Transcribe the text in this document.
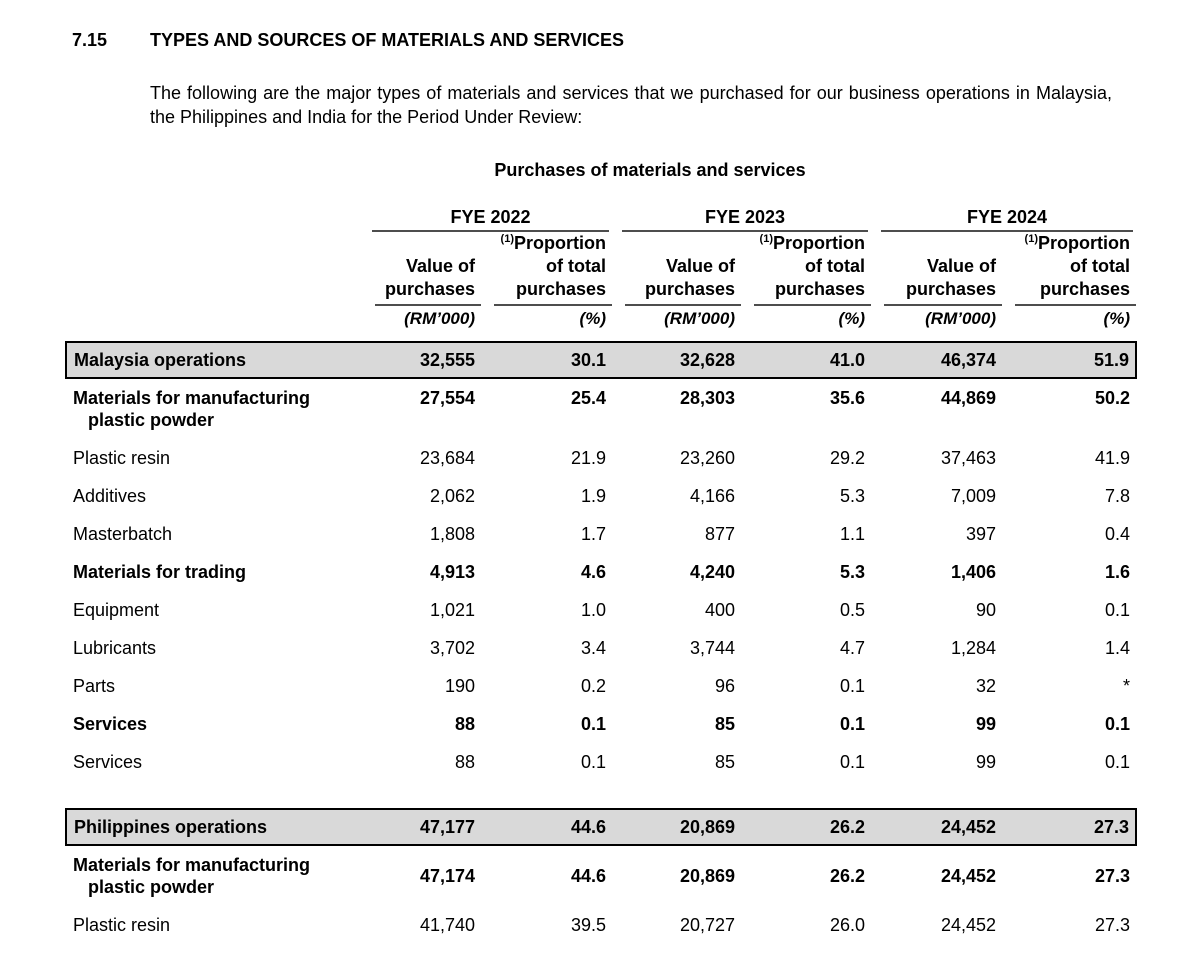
7.15	TYPES AND SOURCES OF MATERIALS AND SERVICES

The following are the major types of materials and services that we purchased for our business operations in Malaysia, the Philippines and India for the Period Under Review:

Purchases of materials and services

	FYE 2022		FYE 2023		FYE 2024	

Value of
purchases

$^{(1)}$Proportion
of total
purchases

Value of
purchases

$^{(1)}$Proportion
of total
purchases

Value of
purchases

$^{(1)}$Proportion
of total
purchases

	(RM’000)	(%)	(RM’000)	(%)	(RM’000)	(%)
Malaysia operations	32,555	30.1	32,628	41.0	46,374	51.9

Materials for manufacturing
plastic powder	27,554	25.4	28,303	35.6	44,869	50.2
Plastic resin	23,684	21.9	23,260	29.2	37,463	41.9
Additives	2,062	1.9	4,166	5.3	7,009	7.8
Masterbatch	1,808	1.7	877	1.1	397	0.4
Materials for trading	4,913	4.6	4,240	5.3	1,406	1.6
Equipment	1,021	1.0	400	0.5	90	0.1
Lubricants	3,702	3.4	3,744	4.7	1,284	1.4
Parts	190	0.2	96	0.1	32	*
Services	88	0.1	85	0.1	99	0.1
Services	88	0.1	85	0.1	99	0.1

Philippines operations	47,177	44.6	20,869	26.2	24,452	27.3

Materials for manufacturing
plastic powder	47,174	44.6	20,869	26.2	24,452	27.3
Plastic resin	41,740	39.5	20,727	26.0	24,452	27.3
